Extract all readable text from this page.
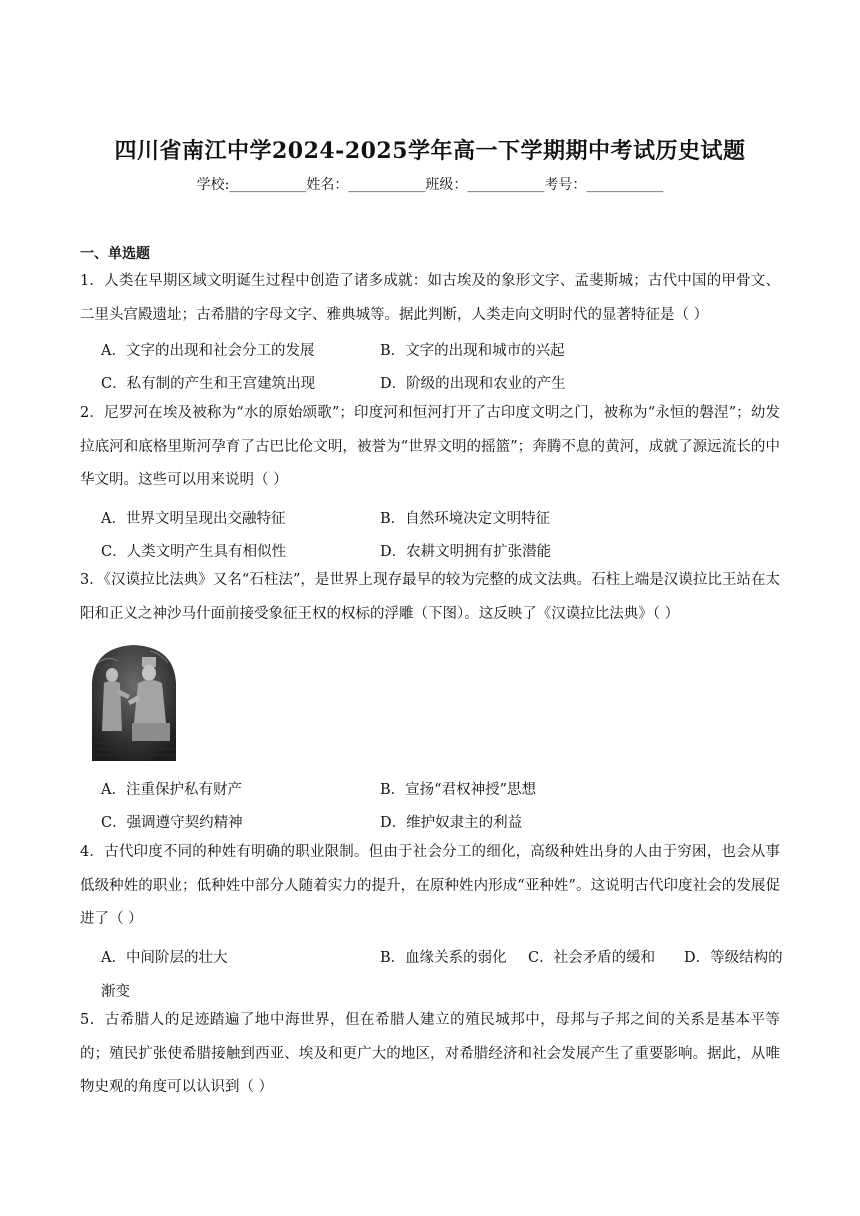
四川省南江中学2024-2025学年高一下学期期中考试历史试题
学校:___________姓名：___________班级：___________考号：___________
一、单选题
1．人类在早期区域文明诞生过程中创造了诸多成就：如古埃及的象形文字、孟斐斯城；古代中国的甲骨文、二里头宫殿遗址；古希腊的字母文字、雅典城等。据此判断，人类走向文明时代的显著特征是（ ）
A．文字的出现和社会分工的发展	B．文字的出现和城市的兴起
C．私有制的产生和王宫建筑出现	D．阶级的出现和农业的产生
2．尼罗河在埃及被称为“水的原始颂歌”；印度河和恒河打开了古印度文明之门，被称为“永恒的磐涅”；幼发拉底河和底格里斯河孕育了古巴比伦文明，被誉为“世界文明的摇篮”；奔腾不息的黄河，成就了源远流长的中华文明。这些可以用来说明（ ）
A．世界文明呈现出交融特征	B．自然环境决定文明特征
C．人类文明产生具有相似性	D．农耕文明拥有扩张潜能
3．《汉谟拉比法典》又名“石柱法”，是世界上现存最早的较为完整的成文法典。石柱上端是汉谟拉比王站在太阳和正义之神沙马什面前接受象征王权的权标的浮雕（下图）。这反映了《汉谟拉比法典》（ ）
A．注重保护私有财产	B．宣扬“君权神授”思想
C．强调遵守契约精神	D．维护奴隶主的利益
4．古代印度不同的种姓有明确的职业限制。但由于社会分工的细化，高级种姓出身的人由于穷困，也会从事低级种姓的职业；低种姓中部分人随着实力的提升，在原种姓内形成“亚种姓”。这说明古代印度社会的发展促进了（ ）
A．中间阶层的壮大	B．血缘关系的弱化 C．社会矛盾的缓和 D．等级结构的
渐变
5．古希腊人的足迹踏遍了地中海世界，但在希腊人建立的殖民城邦中，母邦与子邦之间的关系是基本平等的；殖民扩张使希腊接触到西亚、埃及和更广大的地区，对希腊经济和社会发展产生了重要影响。据此，从唯物史观的角度可以认识到（ ）
